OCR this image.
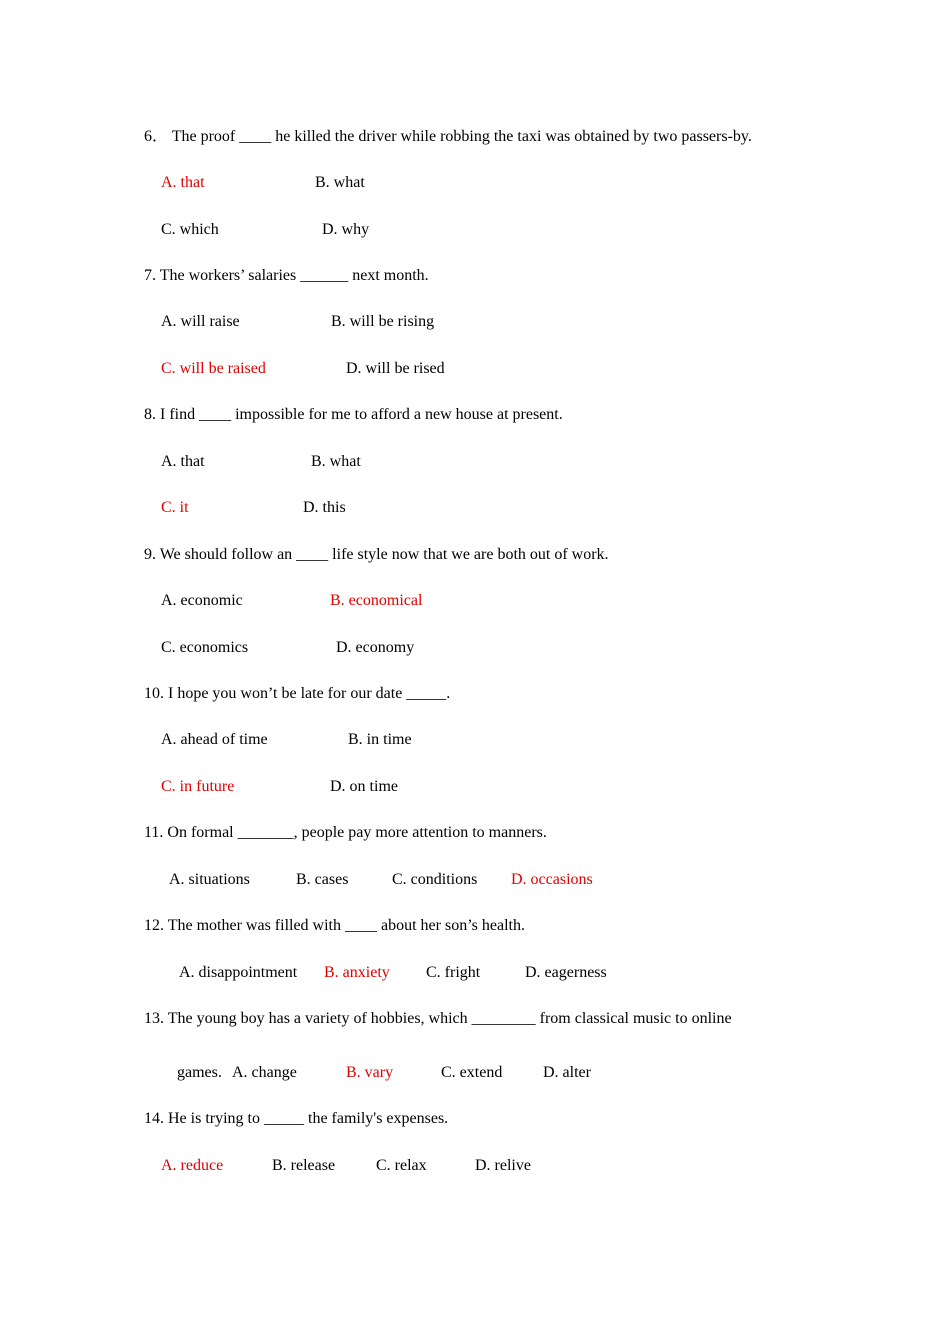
6． The proof ____ he killed the driver while robbing the taxi was obtained by two passers-by.
A. that	B. what
C. which	D. why
7. The workers’ salaries ______ next month.
A. will raise	B. will be rising
C. will be raised	D. will be rised
8. I find ____ impossible for me to afford a new house at present.
A. that	B. what
C. it	D. this
9. We should follow an ____ life style now that we are both out of work.
A. economic	B. economical
C. economics	D. economy
10. I hope you won’t be late for our date _____.
A. ahead of time	B. in time
C. in future	D. on time
11. On formal _______, people pay more attention to manners.
A. situations	B. cases	C. conditions D. occasions
12. The mother was filled with ____ about her son’s health.
A. disappointment B. anxiety C. fright	D. eagerness
13. The young boy has a variety of hobbies, which ________ from classical music to online
games. A. change	B. vary	C. extend	D. alter
14. He is trying to _____ the family's expenses.
A. reduce	B. release	C. relax	D. relive
